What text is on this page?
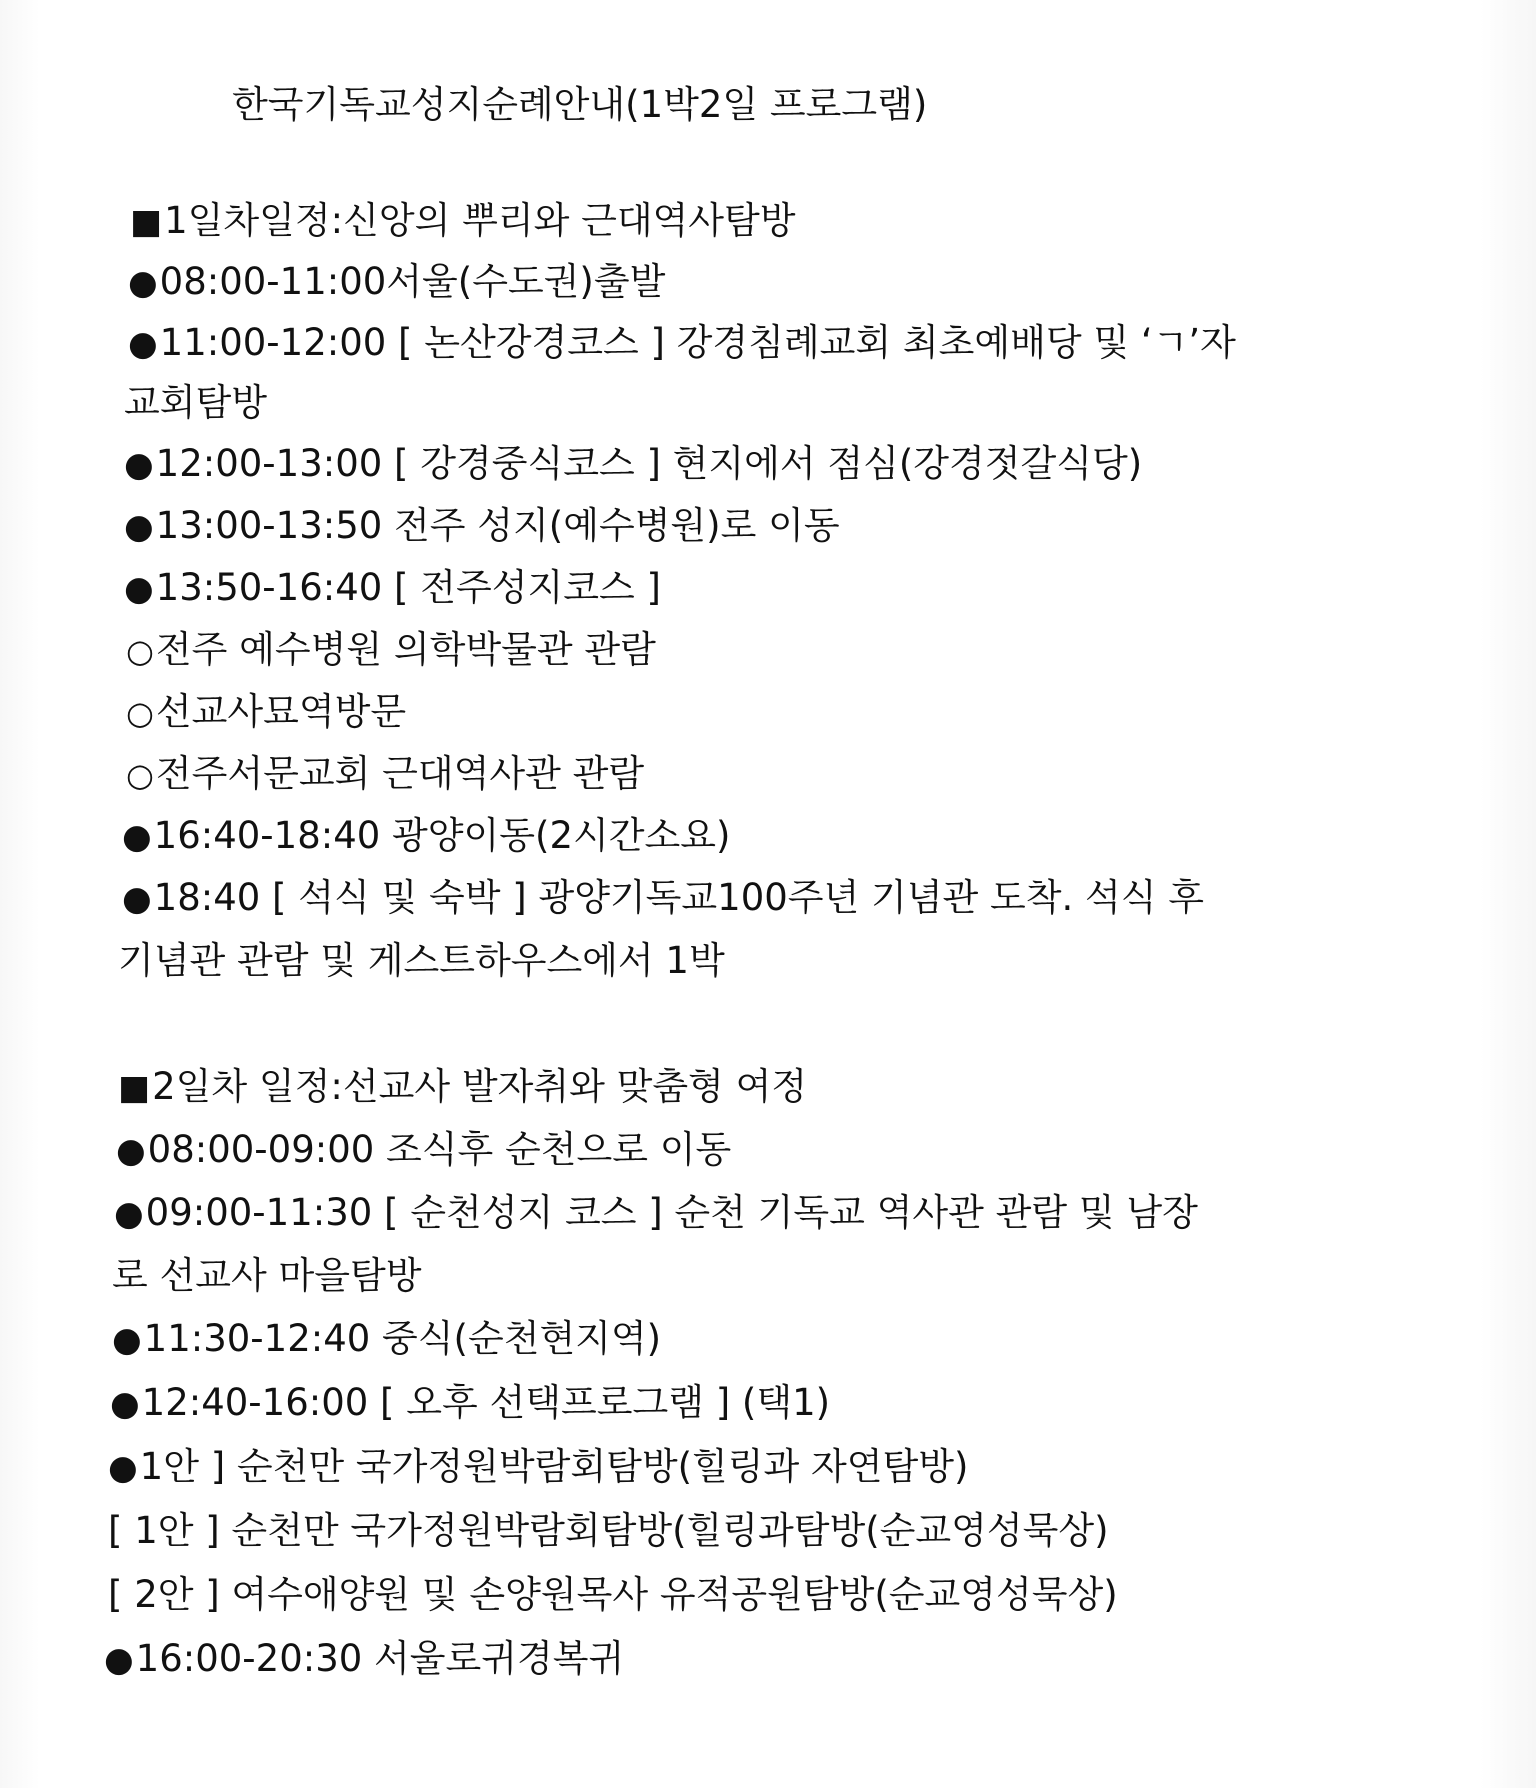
한국기독교성지순례안내(1박2일 프로그램)
■1일차일정:신앙의 뿌리와 근대역사탐방
●08:00-11:00서울(수도권)출발
●11:00-12:00 [ 논산강경코스 ] 강경침례교회 최초예배당 및 ‘ㄱ’자
교회탐방
●12:00-13:00 [ 강경중식코스 ] 현지에서 점심(강경젓갈식당)
●13:00-13:50 전주 성지(예수병원)로 이동
●13:50-16:40 [ 전주성지코스 ]
○전주 예수병원 의학박물관 관람
○선교사묘역방문
○전주서문교회 근대역사관 관람
●16:40-18:40 광양이동(2시간소요)
●18:40 [ 석식 및 숙박 ] 광양기독교100주년 기념관 도착. 석식 후
기념관 관람 및 게스트하우스에서 1박
■2일차 일정:선교사 발자취와 맞춤형 여정
●08:00-09:00 조식후 순천으로 이동
●09:00-11:30 [ 순천성지 코스 ] 순천 기독교 역사관 관람 및 남장
로 선교사 마을탐방
●11:30-12:40 중식(순천현지역)
●12:40-16:00 [ 오후 선택프로그램 ] (택1)
●1안 ] 순천만 국가정원박람회탐방(힐링과 자연탐방)
[ 1안 ] 순천만 국가정원박람회탐방(힐링과탐방(순교영성묵상)
[ 2안 ] 여수애양원 및 손양원목사 유적공원탐방(순교영성묵상)
●16:00-20:30 서울로귀경복귀
